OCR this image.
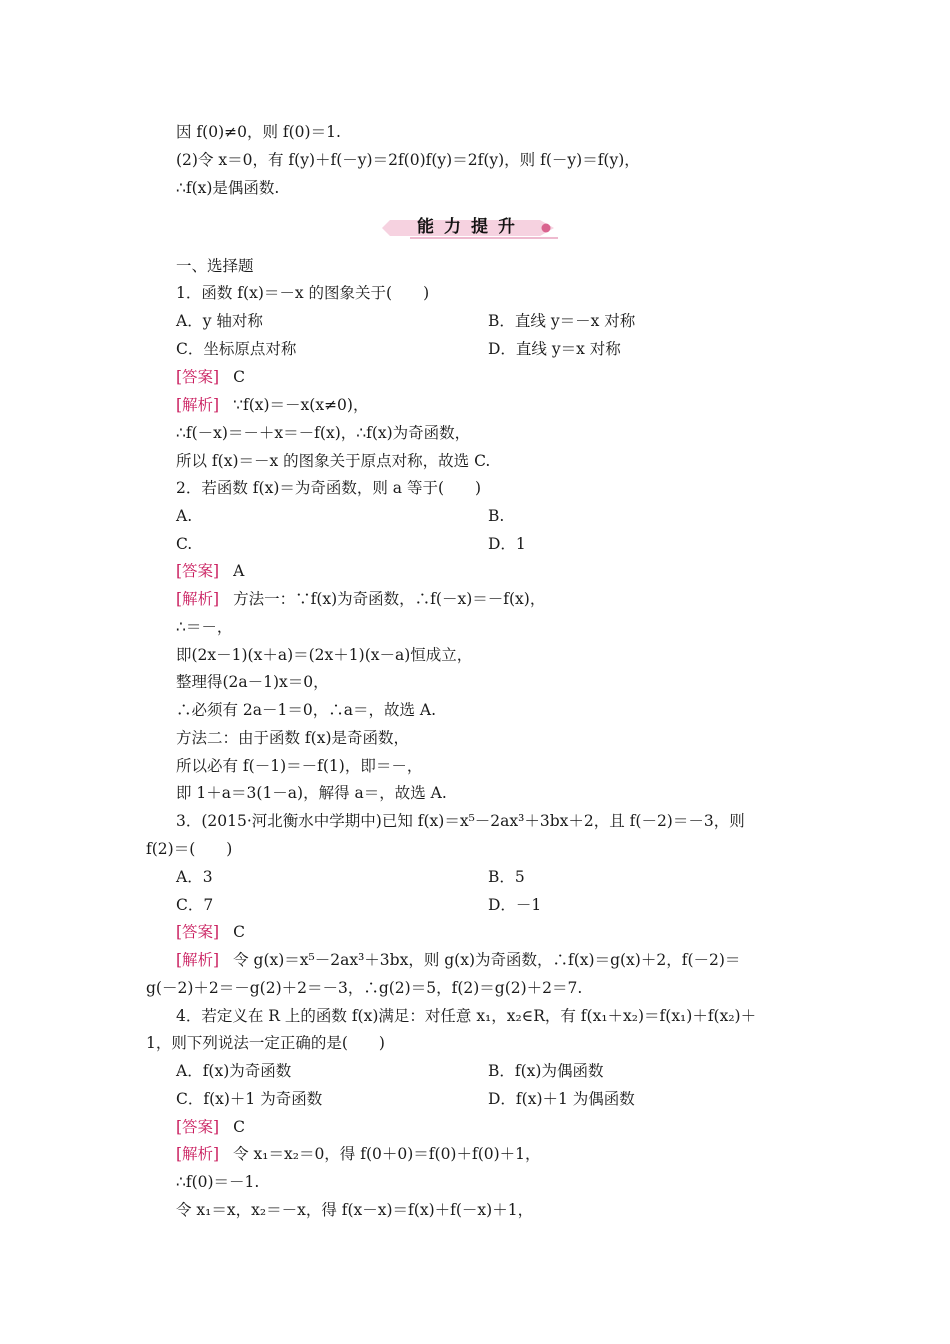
能力提升
因 f(0)≠0，则 f(0)＝1.
(2)令 x＝0，有 f(y)＋f(－y)＝2f(0)f(y)＝2f(y)，则 f(－y)＝f(y)，
∴f(x)是偶函数.
一、选择题
1．函数 f(x)＝－x 的图象关于(　　)
A．y 轴对称	B．直线 y＝－x 对称
C．坐标原点对称	D．直线 y＝x 对称
[答案] C
[解析] ∵f(x)＝－x(x≠0)，
∴f(－x)＝－＋x＝－f(x)，∴f(x)为奇函数，
所以 f(x)＝－x 的图象关于原点对称，故选 C.
2．若函数 f(x)＝为奇函数，则 a 等于(　　)
A.	B.
C.	D．1
[答案] A
[解析] 方法一：∵f(x)为奇函数，∴f(－x)＝－f(x)，
∴＝－，
即(2x－1)(x＋a)＝(2x＋1)(x－a)恒成立，
整理得(2a－1)x＝0，
∴必须有 2a－1＝0，∴a＝，故选 A.
方法二：由于函数 f(x)是奇函数，
所以必有 f(－1)＝－f(1)，即＝－，
即 1＋a＝3(1－a)，解得 a＝，故选 A.
3．(2015·河北衡水中学期中)已知 f(x)＝x⁵－2ax³＋3bx＋2，且 f(－2)＝－3，则
f(2)＝(　　)
A．3	B．5
C．7	D．－1
[答案] C
[解析] 令 g(x)＝x⁵－2ax³＋3bx，则 g(x)为奇函数，∴f(x)＝g(x)＋2，f(－2)＝
g(－2)＋2＝－g(2)＋2＝－3，∴g(2)＝5，f(2)＝g(2)＋2＝7.
4．若定义在 R 上的函数 f(x)满足：对任意 x₁，x₂∈R，有 f(x₁＋x₂)＝f(x₁)＋f(x₂)＋
1，则下列说法一定正确的是(　　)
A．f(x)为奇函数	B．f(x)为偶函数
C．f(x)＋1 为奇函数	D．f(x)＋1 为偶函数
[答案] C
[解析] 令 x₁＝x₂＝0，得 f(0＋0)＝f(0)＋f(0)＋1，
∴f(0)＝－1.
令 x₁＝x，x₂＝－x，得 f(x－x)＝f(x)＋f(－x)＋1，
